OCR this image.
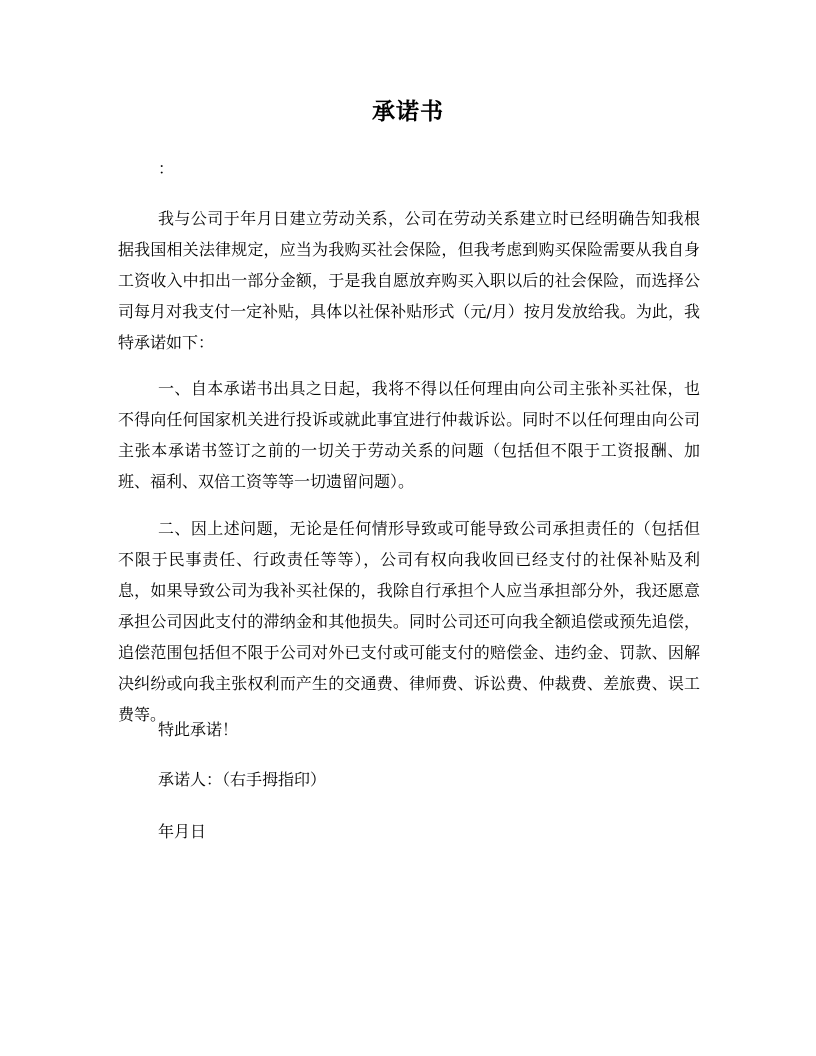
承诺书
：

我与公司于年月日建立劳动关系，公司在劳动关系建立时已经明确告知我根据我国相关法律规定，应当为我购买社会保险，但我考虑到购买保险需要从我自身工资收入中扣出一部分金额，于是我自愿放弃购买入职以后的社会保险，而选择公司每月对我支付一定补贴，具体以社保补贴形式（元/月）按月发放给我。为此，我特承诺如下：

一、自本承诺书出具之日起，我将不得以任何理由向公司主张补买社保，也不得向任何国家机关进行投诉或就此事宜进行仲裁诉讼。同时不以任何理由向公司主张本承诺书签订之前的一切关于劳动关系的问题（包括但不限于工资报酬、加班、福利、双倍工资等等一切遗留问题）。

二、因上述问题，无论是任何情形导致或可能导致公司承担责任的（包括但不限于民事责任、行政责任等等），公司有权向我收回已经支付的社保补贴及利息，如果导致公司为我补买社保的，我除自行承担个人应当承担部分外，我还愿意承担公司因此支付的滞纳金和其他损失。同时公司还可向我全额追偿或预先追偿，追偿范围包括但不限于公司对外已支付或可能支付的赔偿金、违约金、罚款、因解决纠纷或向我主张权利而产生的交通费、律师费、诉讼费、仲裁费、差旅费、误工费等。

特此承诺！

承诺人：（右手拇指印）

年月日
